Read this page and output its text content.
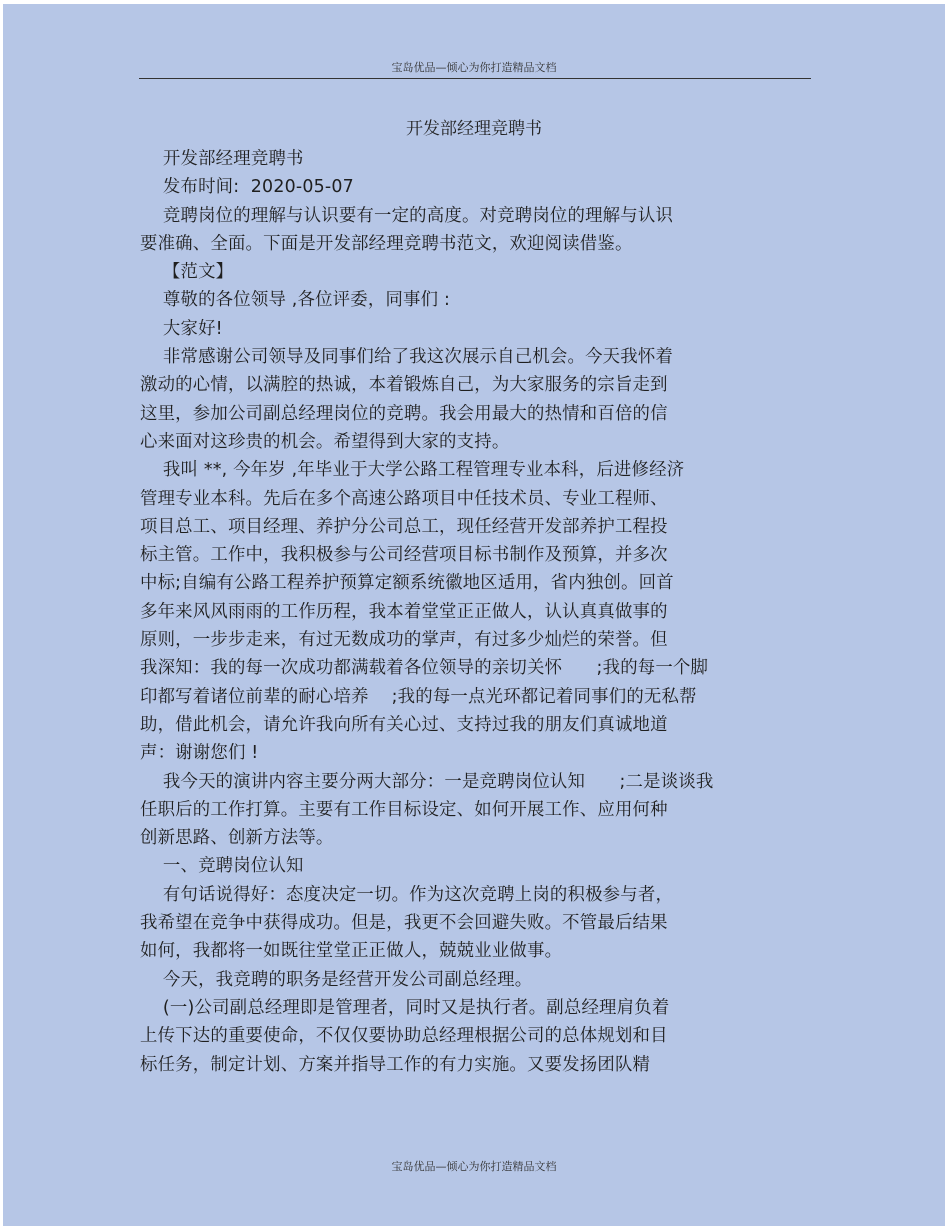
宝岛优品—倾心为你打造精品文档
开发部经理竞聘书
开发部经理竞聘书
发布时间:  2020-05-07
竞聘岗位的理解与认识要有一定的高度。对竞聘岗位的理解与认识
要准确、全面。下面是开发部经理竞聘书范文，欢迎阅读借鉴。
【范文】
尊敬的各位领导 ,各位评委，同事们 :
大家好!
非常感谢公司领导及同事们给了我这次展示自己机会。今天我怀着
激动的心情，以满腔的热诚，本着锻炼自己，为大家服务的宗旨走到
这里，参加公司副总经理岗位的竞聘。我会用最大的热情和百倍的信
心来面对这珍贵的机会。希望得到大家的支持。
我叫 **, 今年岁 ,年毕业于大学公路工程管理专业本科，后进修经济
管理专业本科。先后在多个高速公路项目中任技术员、专业工程师、
项目总工、项目经理、养护分公司总工，现任经营开发部养护工程投
标主管。工作中，我积极参与公司经营项目标书制作及预算，并多次
中标;自编有公路工程养护预算定额系统徽地区适用，省内独创。回首
多年来风风雨雨的工作历程，我本着堂堂正正做人，认认真真做事的
原则，一步步走来，有过无数成功的掌声，有过多少灿烂的荣誉。但
我深知：我的每一次成功都满载着各位领导的亲切关怀      ;我的每一个脚
印都写着诸位前辈的耐心培养    ;我的每一点光环都记着同事们的无私帮
助，借此机会，请允许我向所有关心过、支持过我的朋友们真诚地道
声：谢谢您们 !
我今天的演讲内容主要分两大部分：一是竞聘岗位认知      ;二是谈谈我
任职后的工作打算。主要有工作目标设定、如何开展工作、应用何种
创新思路、创新方法等。
一、竞聘岗位认知
有句话说得好：态度决定一切。作为这次竞聘上岗的积极参与者，
我希望在竞争中获得成功。但是，我更不会回避失败。不管最后结果
如何，我都将一如既往堂堂正正做人，兢兢业业做事。
今天，我竞聘的职务是经营开发公司副总经理。
(一)公司副总经理即是管理者，同时又是执行者。副总经理肩负着
上传下达的重要使命，不仅仅要协助总经理根据公司的总体规划和目
标任务，制定计划、方案并指导工作的有力实施。又要发扬团队精
宝岛优品—倾心为你打造精品文档
